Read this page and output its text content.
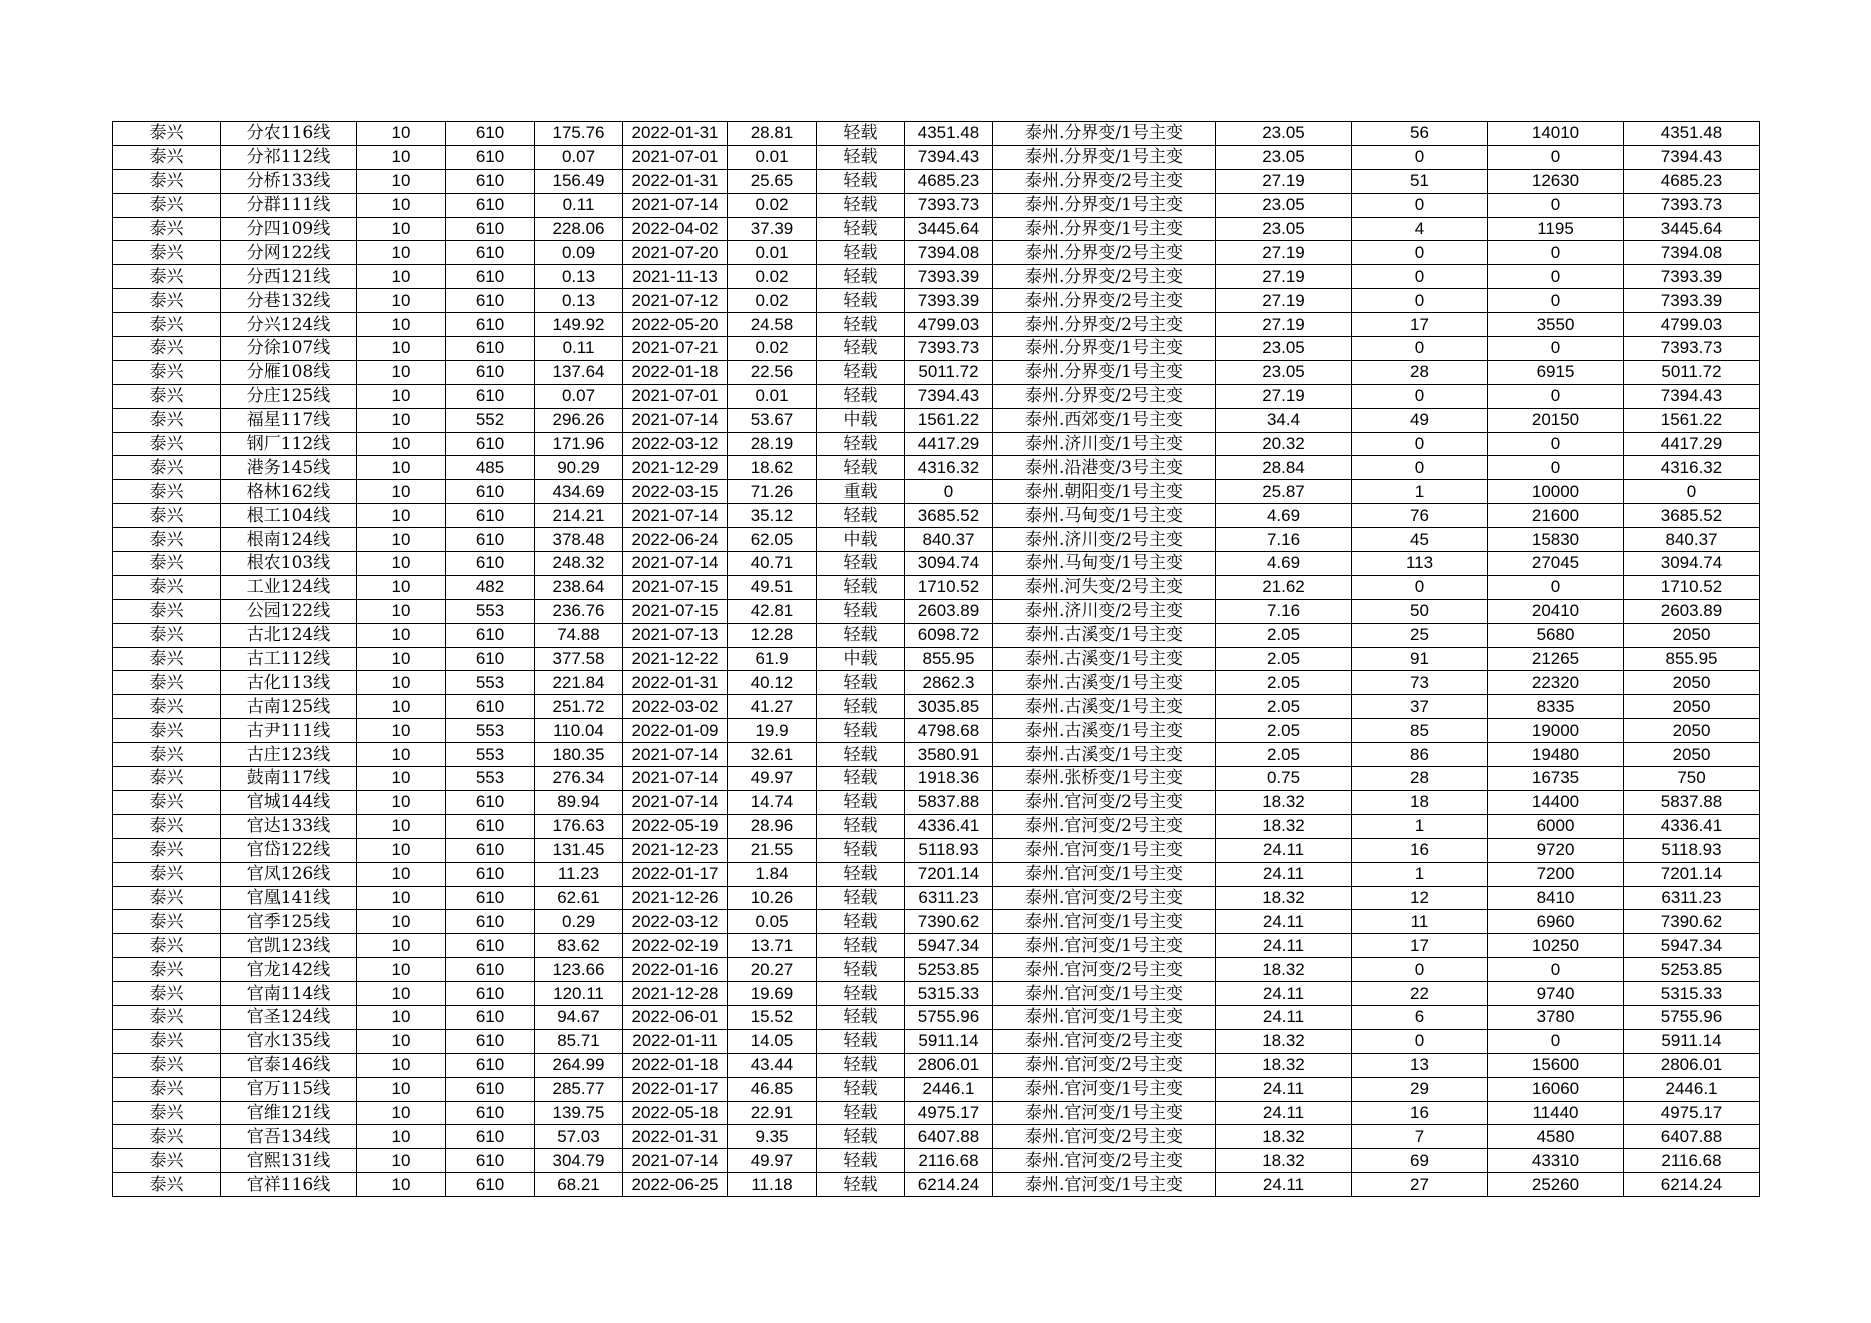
泰兴	分农116线	10	610	175.76	2022-01-31	28.81	轻载	4351.48	泰州.分界变/1号主变	23.05	56	14010	4351.48
泰兴	分祁112线	10	610	0.07	2021-07-01	0.01	轻载	7394.43	泰州.分界变/1号主变	23.05	0	0	7394.43
泰兴	分桥133线	10	610	156.49	2022-01-31	25.65	轻载	4685.23	泰州.分界变/2号主变	27.19	51	12630	4685.23
泰兴	分群111线	10	610	0.11	2021-07-14	0.02	轻载	7393.73	泰州.分界变/1号主变	23.05	0	0	7393.73
泰兴	分四109线	10	610	228.06	2022-04-02	37.39	轻载	3445.64	泰州.分界变/1号主变	23.05	4	1195	3445.64
泰兴	分网122线	10	610	0.09	2021-07-20	0.01	轻载	7394.08	泰州.分界变/2号主变	27.19	0	0	7394.08
泰兴	分西121线	10	610	0.13	2021-11-13	0.02	轻载	7393.39	泰州.分界变/2号主变	27.19	0	0	7393.39
泰兴	分巷132线	10	610	0.13	2021-07-12	0.02	轻载	7393.39	泰州.分界变/2号主变	27.19	0	0	7393.39
泰兴	分兴124线	10	610	149.92	2022-05-20	24.58	轻载	4799.03	泰州.分界变/2号主变	27.19	17	3550	4799.03
泰兴	分徐107线	10	610	0.11	2021-07-21	0.02	轻载	7393.73	泰州.分界变/1号主变	23.05	0	0	7393.73
泰兴	分雁108线	10	610	137.64	2022-01-18	22.56	轻载	5011.72	泰州.分界变/1号主变	23.05	28	6915	5011.72
泰兴	分庄125线	10	610	0.07	2021-07-01	0.01	轻载	7394.43	泰州.分界变/2号主变	27.19	0	0	7394.43
泰兴	福星117线	10	552	296.26	2021-07-14	53.67	中载	1561.22	泰州.西郊变/1号主变	34.4	49	20150	1561.22
泰兴	钢厂112线	10	610	171.96	2022-03-12	28.19	轻载	4417.29	泰州.济川变/1号主变	20.32	0	0	4417.29
泰兴	港务145线	10	485	90.29	2021-12-29	18.62	轻载	4316.32	泰州.沿港变/3号主变	28.84	0	0	4316.32
泰兴	格林162线	10	610	434.69	2022-03-15	71.26	重载	0	泰州.朝阳变/1号主变	25.87	1	10000	0
泰兴	根工104线	10	610	214.21	2021-07-14	35.12	轻载	3685.52	泰州.马甸变/1号主变	4.69	76	21600	3685.52
泰兴	根南124线	10	610	378.48	2022-06-24	62.05	中载	840.37	泰州.济川变/2号主变	7.16	45	15830	840.37
泰兴	根农103线	10	610	248.32	2021-07-14	40.71	轻载	3094.74	泰州.马甸变/1号主变	4.69	113	27045	3094.74
泰兴	工业124线	10	482	238.64	2021-07-15	49.51	轻载	1710.52	泰州.河失变/2号主变	21.62	0	0	1710.52
泰兴	公园122线	10	553	236.76	2021-07-15	42.81	轻载	2603.89	泰州.济川变/2号主变	7.16	50	20410	2603.89
泰兴	古北124线	10	610	74.88	2021-07-13	12.28	轻载	6098.72	泰州.古溪变/1号主变	2.05	25	5680	2050
泰兴	古工112线	10	610	377.58	2021-12-22	61.9	中载	855.95	泰州.古溪变/1号主变	2.05	91	21265	855.95
泰兴	古化113线	10	553	221.84	2022-01-31	40.12	轻载	2862.3	泰州.古溪变/1号主变	2.05	73	22320	2050
泰兴	古南125线	10	610	251.72	2022-03-02	41.27	轻载	3035.85	泰州.古溪变/1号主变	2.05	37	8335	2050
泰兴	古尹111线	10	553	110.04	2022-01-09	19.9	轻载	4798.68	泰州.古溪变/1号主变	2.05	85	19000	2050
泰兴	古庄123线	10	553	180.35	2021-07-14	32.61	轻载	3580.91	泰州.古溪变/1号主变	2.05	86	19480	2050
泰兴	鼓南117线	10	553	276.34	2021-07-14	49.97	轻载	1918.36	泰州.张桥变/1号主变	0.75	28	16735	750
泰兴	官城144线	10	610	89.94	2021-07-14	14.74	轻载	5837.88	泰州.官河变/2号主变	18.32	18	14400	5837.88
泰兴	官达133线	10	610	176.63	2022-05-19	28.96	轻载	4336.41	泰州.官河变/2号主变	18.32	1	6000	4336.41
泰兴	官岱122线	10	610	131.45	2021-12-23	21.55	轻载	5118.93	泰州.官河变/1号主变	24.11	16	9720	5118.93
泰兴	官凤126线	10	610	11.23	2022-01-17	1.84	轻载	7201.14	泰州.官河变/1号主变	24.11	1	7200	7201.14
泰兴	官凰141线	10	610	62.61	2021-12-26	10.26	轻载	6311.23	泰州.官河变/2号主变	18.32	12	8410	6311.23
泰兴	官季125线	10	610	0.29	2022-03-12	0.05	轻载	7390.62	泰州.官河变/1号主变	24.11	11	6960	7390.62
泰兴	官凯123线	10	610	83.62	2022-02-19	13.71	轻载	5947.34	泰州.官河变/1号主变	24.11	17	10250	5947.34
泰兴	官龙142线	10	610	123.66	2022-01-16	20.27	轻载	5253.85	泰州.官河变/2号主变	18.32	0	0	5253.85
泰兴	官南114线	10	610	120.11	2021-12-28	19.69	轻载	5315.33	泰州.官河变/1号主变	24.11	22	9740	5315.33
泰兴	官圣124线	10	610	94.67	2022-06-01	15.52	轻载	5755.96	泰州.官河变/1号主变	24.11	6	3780	5755.96
泰兴	官水135线	10	610	85.71	2022-01-11	14.05	轻载	5911.14	泰州.官河变/2号主变	18.32	0	0	5911.14
泰兴	官泰146线	10	610	264.99	2022-01-18	43.44	轻载	2806.01	泰州.官河变/2号主变	18.32	13	15600	2806.01
泰兴	官万115线	10	610	285.77	2022-01-17	46.85	轻载	2446.1	泰州.官河变/1号主变	24.11	29	16060	2446.1
泰兴	官维121线	10	610	139.75	2022-05-18	22.91	轻载	4975.17	泰州.官河变/1号主变	24.11	16	11440	4975.17
泰兴	官吾134线	10	610	57.03	2022-01-31	9.35	轻载	6407.88	泰州.官河变/2号主变	18.32	7	4580	6407.88
泰兴	官熙131线	10	610	304.79	2021-07-14	49.97	轻载	2116.68	泰州.官河变/2号主变	18.32	69	43310	2116.68
泰兴	官祥116线	10	610	68.21	2022-06-25	11.18	轻载	6214.24	泰州.官河变/1号主变	24.11	27	25260	6214.24
